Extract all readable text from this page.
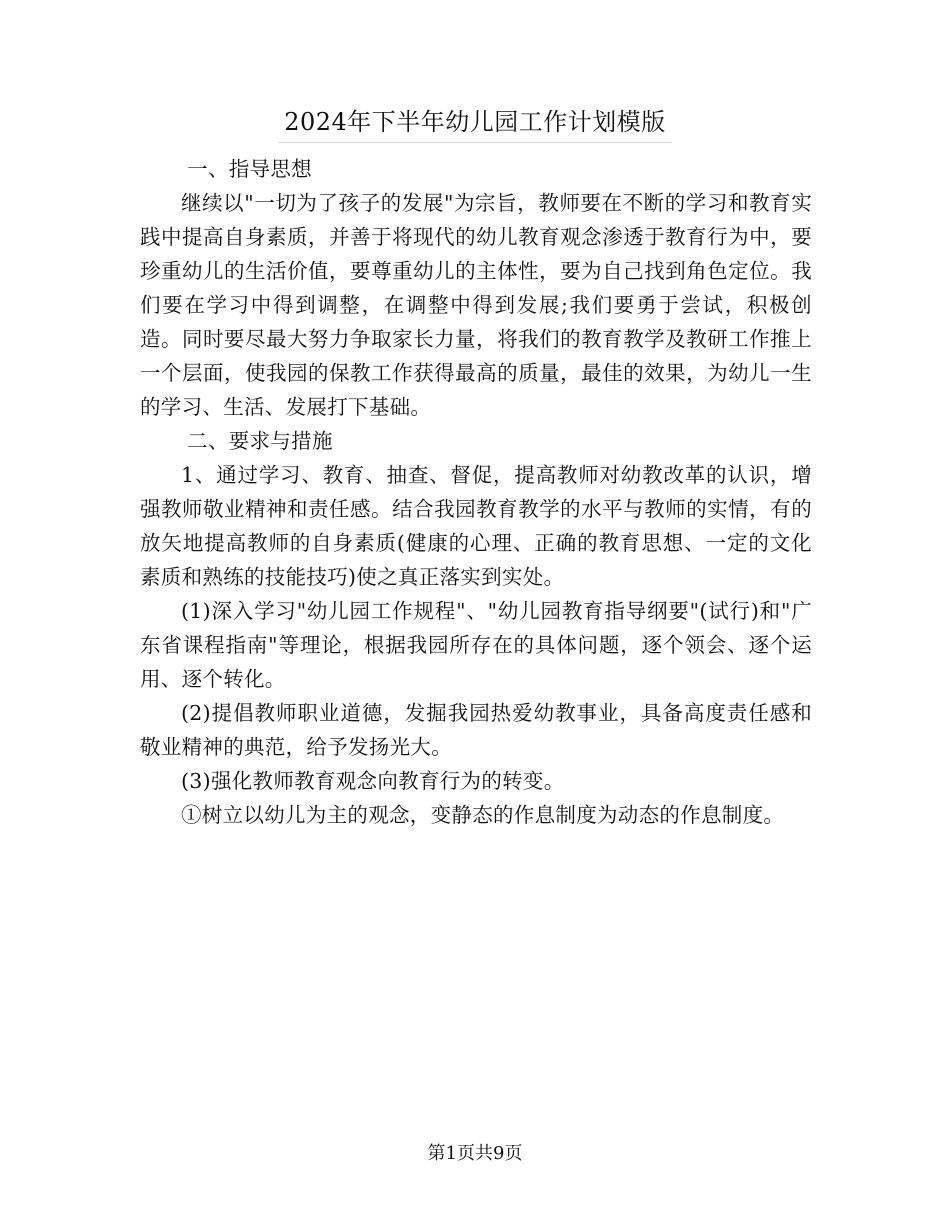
2024年下半年幼儿园工作计划模版

一、指导思想

继续以"一切为了孩子的发展"为宗旨，教师要在不断的学习和教育实践中提高自身素质，并善于将现代的幼儿教育观念渗透于教育行为中，要珍重幼儿的生活价值，要尊重幼儿的主体性，要为自己找到角色定位。我们要在学习中得到调整，在调整中得到发展;我们要勇于尝试，积极创造。同时要尽最大努力争取家长力量，将我们的教育教学及教研工作推上一个层面，使我园的保教工作获得最高的质量，最佳的效果，为幼儿一生的学习、生活、发展打下基础。

二、要求与措施

1、通过学习、教育、抽查、督促，提高教师对幼教改革的认识，增强教师敬业精神和责任感。结合我园教育教学的水平与教师的实情，有的放矢地提高教师的自身素质(健康的心理、正确的教育思想、一定的文化素质和熟练的技能技巧)使之真正落实到实处。

(1)深入学习"幼儿园工作规程"、"幼儿园教育指导纲要"(试行)和"广东省课程指南"等理论，根据我园所存在的具体问题，逐个领会、逐个运用、逐个转化。

(2)提倡教师职业道德，发掘我园热爱幼教事业，具备高度责任感和敬业精神的典范，给予发扬光大。

(3)强化教师教育观念向教育行为的转变。

①树立以幼儿为主的观念，变静态的作息制度为动态的作息制度。

第1页共9页
